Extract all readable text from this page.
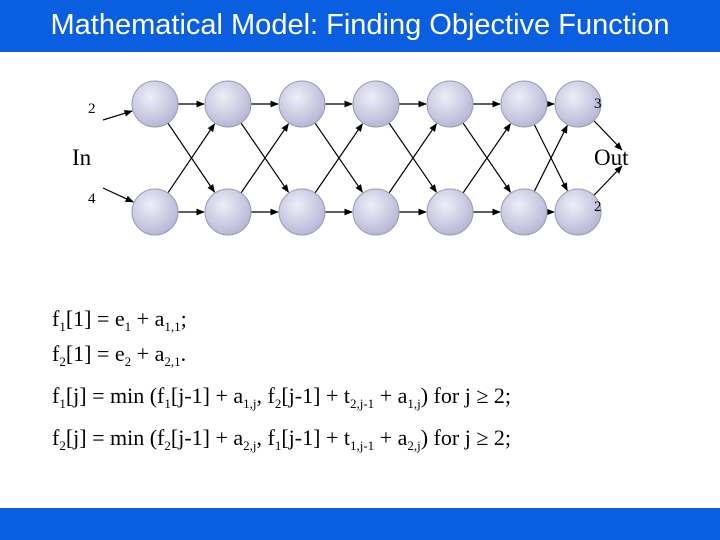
Mathematical Model: Finding Objective Function
2
In
4
3
Out
2
$f_1[1] = e_1 + a_{1,1}$;
$f_2[1] = e_2 + a_{2,1}$.
$f_1[j] = \min (f_1[j-1] + a_{1,j}$, $f_2[j-1] + t_{2,j-1} + a_{1,j}$) for j ≥ 2;
$f_2[j] = \min (f_2[j-1] + a_{2,j}$, $f_1[j-1] + t_{1,j-1} + a_{2,j}$) for j ≥ 2;
